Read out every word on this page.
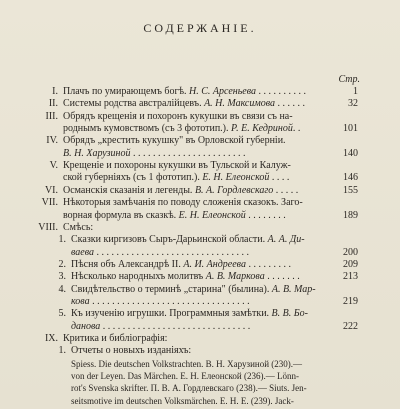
СОДЕРЖАНІЕ.
Стр.
I. Плачъ по умирающемъ богѣ. Н. С. Арсеньева . . . . . . . . . .	1
II. Системы родства австралійцевъ. А. Н. Максимова . . . . . .	32
III. Обрядъ крещенія и похоронъ кукушки въ связи съ на-
роднымъ кумовствомъ (съ 3 фототип.). Р. Е. Кедриной. .	101
IV. Обрядъ „крестить кукушку" въ Орловской губерніи.
В. Н. Харузиной . . . . . . . . . . . . . . . . . . . . . . .	140
V. Крещеніе и похороны кукушки въ Тульской и Калуж-
ской губерніяхъ (съ 1 фототип.). Е. Н. Елеонской . . . .	146
VI. Османскія сказанія и легенды. В. А. Гордлевскаго . . . . .	155
VII. Нѣкоторыя замѣчанія по поводу сложенія сказокъ. Заго-
ворная формула въ сказкѣ. Е. Н. Елеонской . . . . . . . .	189
VIII. Смѣсь:
1. Сказки киргизовъ Сыръ-Дарьинской области. А. А. Ди-
ваева . . . . . . . . . . . . . . . . . . . . . . . . . . . . . . .	200
2. Пѣсня объ Александрѣ II. А. И. Андреева . . . . . . . . .	209
3. Нѣсколько народныхъ молитвъ А. В. Маркова . . . . . . .	213
4. Свидѣтельство о терминѣ „старина" (былина). А. В. Мар-
кова . . . . . . . . . . . . . . . . . . . . . . . . . . . . . . . .	219
5. Къ изученію игрушки. Программныя замѣтки. В. В. Бо-
данова . . . . . . . . . . . . . . . . . . . . . . . . . . . . . .	222
IX. Критика и библіографія:
1. Отчеты о новыхъ изданіяхъ:
Spiess. Die deutschen Volkstrachten. В. Н. Харузиной (230).—
von der Leyen. Das Märchen. Е. Н. Елеонской (236).— Lönn-
rot's Svenska skrifter. П. В. А. Гордлевскаго (238).— Siuts. Jen-
seitsmotive im deutschen Volksmärchen. Е. Н. Е. (239). Jack-
